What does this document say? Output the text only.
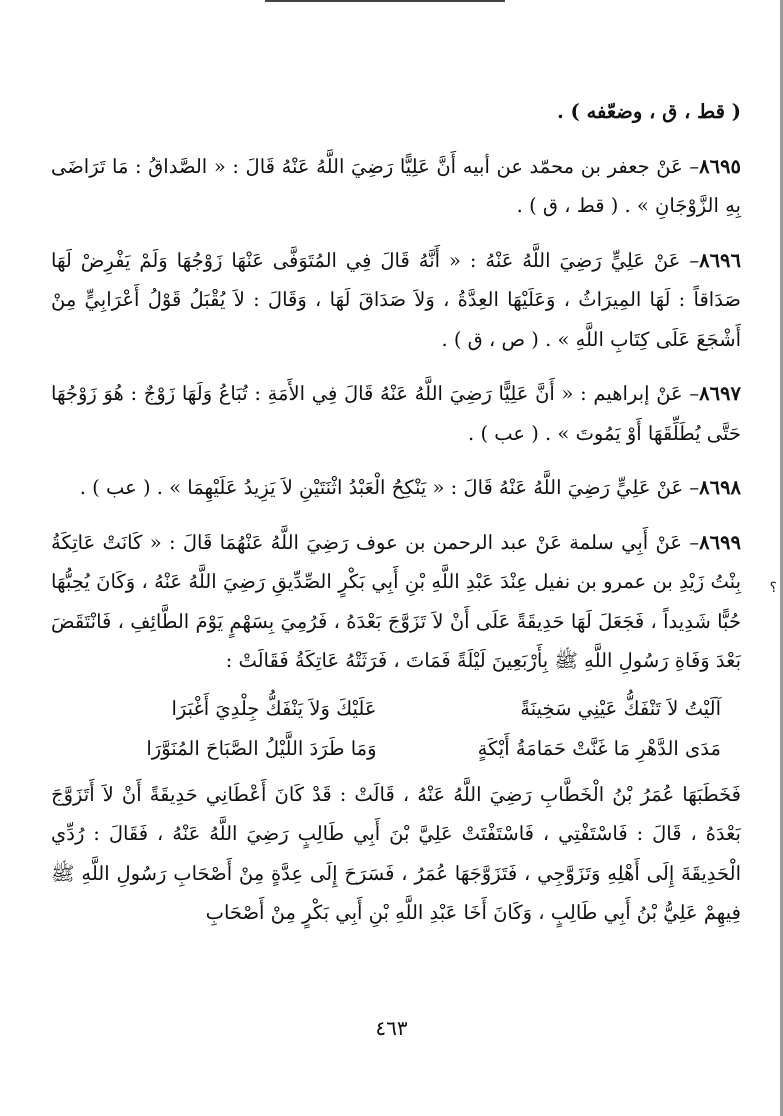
؟

( قط ، ق ، وضعّفه ) .

٨٦٩٥– عَنْ جعفر بن محمّد عن أبيه أَنَّ عَلِيًّا رَضِيَ اللَّهُ عَنْهُ قَالَ : « الصَّداقُ : مَا تَرَاضَى بِهِ الزَّوْجَانِ » . ( قط ، ق ) .

٨٦٩٦– عَنْ عَلِيٍّ رَضِيَ اللَّهُ عَنْهُ : « أَنَّهُ قَالَ فِي المُتَوَفَّى عَنْهَا زَوْجُهَا وَلَمْ يَفْرِضْ لَهَا صَدَاقاً : لَهَا المِيرَاثُ ، وَعَلَيْهَا العِدَّةُ ، وَلاَ صَدَاقَ لَهَا ، وَقَالَ : لاَ يُقْبَلُ قَوْلُ أَعْرَابِيٍّ مِنْ أَشْجَعَ عَلَى كِتَابِ اللَّهِ » . ( ص ، ق ) .

٨٦٩٧– عَنْ إبراهيم : « أَنَّ عَلِيًّا رَضِيَ اللَّهُ عَنْهُ قَالَ فِي الأَمَةِ : تُبَاعُ وَلَهَا زَوْجٌ : هُوَ زَوْجُهَا حَتَّى يُطَلِّقَهَا أَوْ يَمُوتَ » . ( عب ) .

٨٦٩٨– عَنْ عَلِيٍّ رَضِيَ اللَّهُ عَنْهُ قَالَ : « يَنْكِحُ الْعَبْدُ اثْنَتَيْنِ لاَ يَزِيدُ عَلَيْهِمَا » . ( عب ) .

٨٦٩٩– عَنْ أَبِي سلمة عَنْ عبد الرحمن بن عوف رَضِيَ اللَّهُ عَنْهُمَا قَالَ : « كَانَتْ عَاتِكَةُ بِنْتُ زَيْدِ بن عمرو بن نفيل عِنْدَ عَبْدِ اللَّهِ بْنِ أَبِي بَكْرٍ الصِّدِّيقِ رَضِيَ اللَّهُ عَنْهُ ، وَكَانَ يُحِبُّهَا حُبًّا شَدِيداً ، فَجَعَلَ لَهَا حَدِيقَةً عَلَى أَنْ لاَ تَزَوَّجَ بَعْدَهُ ، فَرُمِيَ بِسَهْمٍ يَوْمَ الطَّائِفِ ، فَانْتَقَضَ بَعْدَ وَفَاةِ رَسُولِ اللَّهِ ﷺ بِأَرْبَعِينَ لَيْلَةً فَمَاتَ ، فَرَثَتْهُ عَاتِكَةُ فَقَالَتْ :

آلَيْتُ لاَ تَنْفَكُّ عَيْنِي سَخِينَةً
عَلَيْكَ وَلاَ يَنْفَكُّ جِلْدِيَ أَغْبَرَا
مَدَى الدَّهْرِ مَا غَنَّتْ حَمَامَةُ أَيْكَةٍ
وَمَا طَرَدَ اللَّيْلُ الصَّبَاحَ المُنَوَّرَا

فَخَطَبَهَا عُمَرُ بْنُ الْخَطَّابِ رَضِيَ اللَّهُ عَنْهُ ، قَالَتْ : قَدْ كَانَ أَعْطَانِي حَدِيقَةً أَنْ لاَ أَتَزَوَّجَ بَعْدَهُ ، قَالَ : فَاسْتَفْتِي ، فَاسْتَفْتَتْ عَلِيَّ بْنَ أَبِي طَالِبٍ رَضِيَ اللَّهُ عَنْهُ ، فَقَالَ : رُدِّي الْحَدِيقَةَ إِلَى أَهْلِهِ وَتَزَوَّجِي ، فَتَزَوَّجَهَا عُمَرُ ، فَسَرَحَ إِلَى عِدَّةٍ مِنْ أَصْحَابِ رَسُولِ اللَّهِ ﷺ فِيهِمْ عَلِيُّ بْنُ أَبِي طَالِبٍ ، وَكَانَ أَخَا عَبْدِ اللَّهِ بْنِ أَبِي بَكْرٍ مِنْ أَصْحَابِ

٤٦٣
